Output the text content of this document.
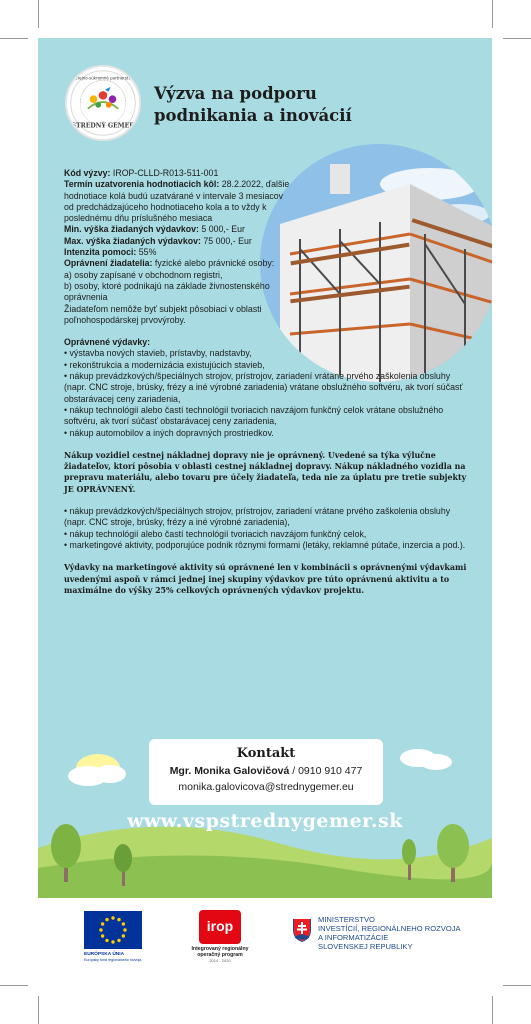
STREDNÝ GEMER
Verejno-súkromné partnerstvo
Výzva na podporu
podnikania a inovácií

Kód výzvy: IROP-CLLD-R013-511-001

Termín uzatvorenia hodnotiacich kôl: 28.2.2022, ďalšie hodnotiace kolá budú uzatvárané v intervale 3 mesiacov od predchádzajúceho hodnotiaceho kola a to vždy k poslednému dňu príslušného mesiaca

Min. výška žiadaných výdavkov: 5 000,- Eur

Max. výška žiadaných výdavkov: 75 000,- Eur

Intenzita pomoci: 55%

Oprávnení žiadatelia: fyzické alebo právnické osoby:

a) osoby zapísané v obchodnom registri,

b) osoby, ktoré podnikajú na základe živnostenského oprávnenia

Žiadateľom nemôže byť subjekt pôsobiaci v oblasti poľnohospodárskej prvovýroby.

Oprávnené výdavky:
• výstavba nových stavieb, prístavby, nadstavby,
• rekonštrukcia a modernizácia existujúcich stavieb,
• nákup prevádzkových/špeciálnych strojov, prístrojov, zariadení vrátane prvého zaškolenia obsluhy (napr. CNC stroje, brúsky, frézy a iné výrobné zariadenia) vrátane obslužného softvéru, ak tvorí súčasť obstarávacej ceny zariadenia,
• nákup technológií alebo častí technológií tvoriacich navzájom funkčný celok vrátane obslužného softvéru, ak tvorí súčasť obstarávacej ceny zariadenia,
• nákup automobilov a iných dopravných prostriedkov.
Nákup vozidiel cestnej nákladnej dopravy nie je oprávnený. Uvedené sa týka výlučne žiadateľov, ktorí pôsobia v oblasti cestnej nákladnej dopravy. Nákup nákladného vozidla na prepravu materiálu, alebo tovaru pre účely žiadateľa, teda nie za úplatu pre tretie subjekty JE OPRÁVNENÝ.
• nákup prevádzkových/špeciálnych strojov, prístrojov, zariadení vrátane prvého zaškolenia obsluhy (napr. CNC stroje, brúsky, frézy a iné výrobné zariadenia),
• nákup technológií alebo častí technológií tvoriacich navzájom funkčný celok,
• marketingové aktivity, podporujúce podnik rôznymi formami (letáky, reklamné pútače, inzercia a pod.).
Výdavky na marketingové aktivity sú oprávnené len v kombinácii s oprávnenými výdavkami uvedenými aspoň v rámci jednej inej skupiny výdavkov pre túto oprávnenú aktivitu a to maximálne do výšky 25% celkových oprávnených výdavkov projektu.
Kontakt
Mgr. Monika Galovičová / 0910 910 477
monika.galovicova@strednygemer.eu
www.vspstrednygemer.sk
EURÓPSKA ÚNIA
Európsky fond regionálneho rozvoja
irop
Integrovaný regionálny operačný program
2014 - 2020
MINISTERSTVO
INVESTÍCIÍ, REGIONÁLNEHO ROZVOJA
A INFORMATIZÁCIE
SLOVENSKEJ REPUBLIKY
